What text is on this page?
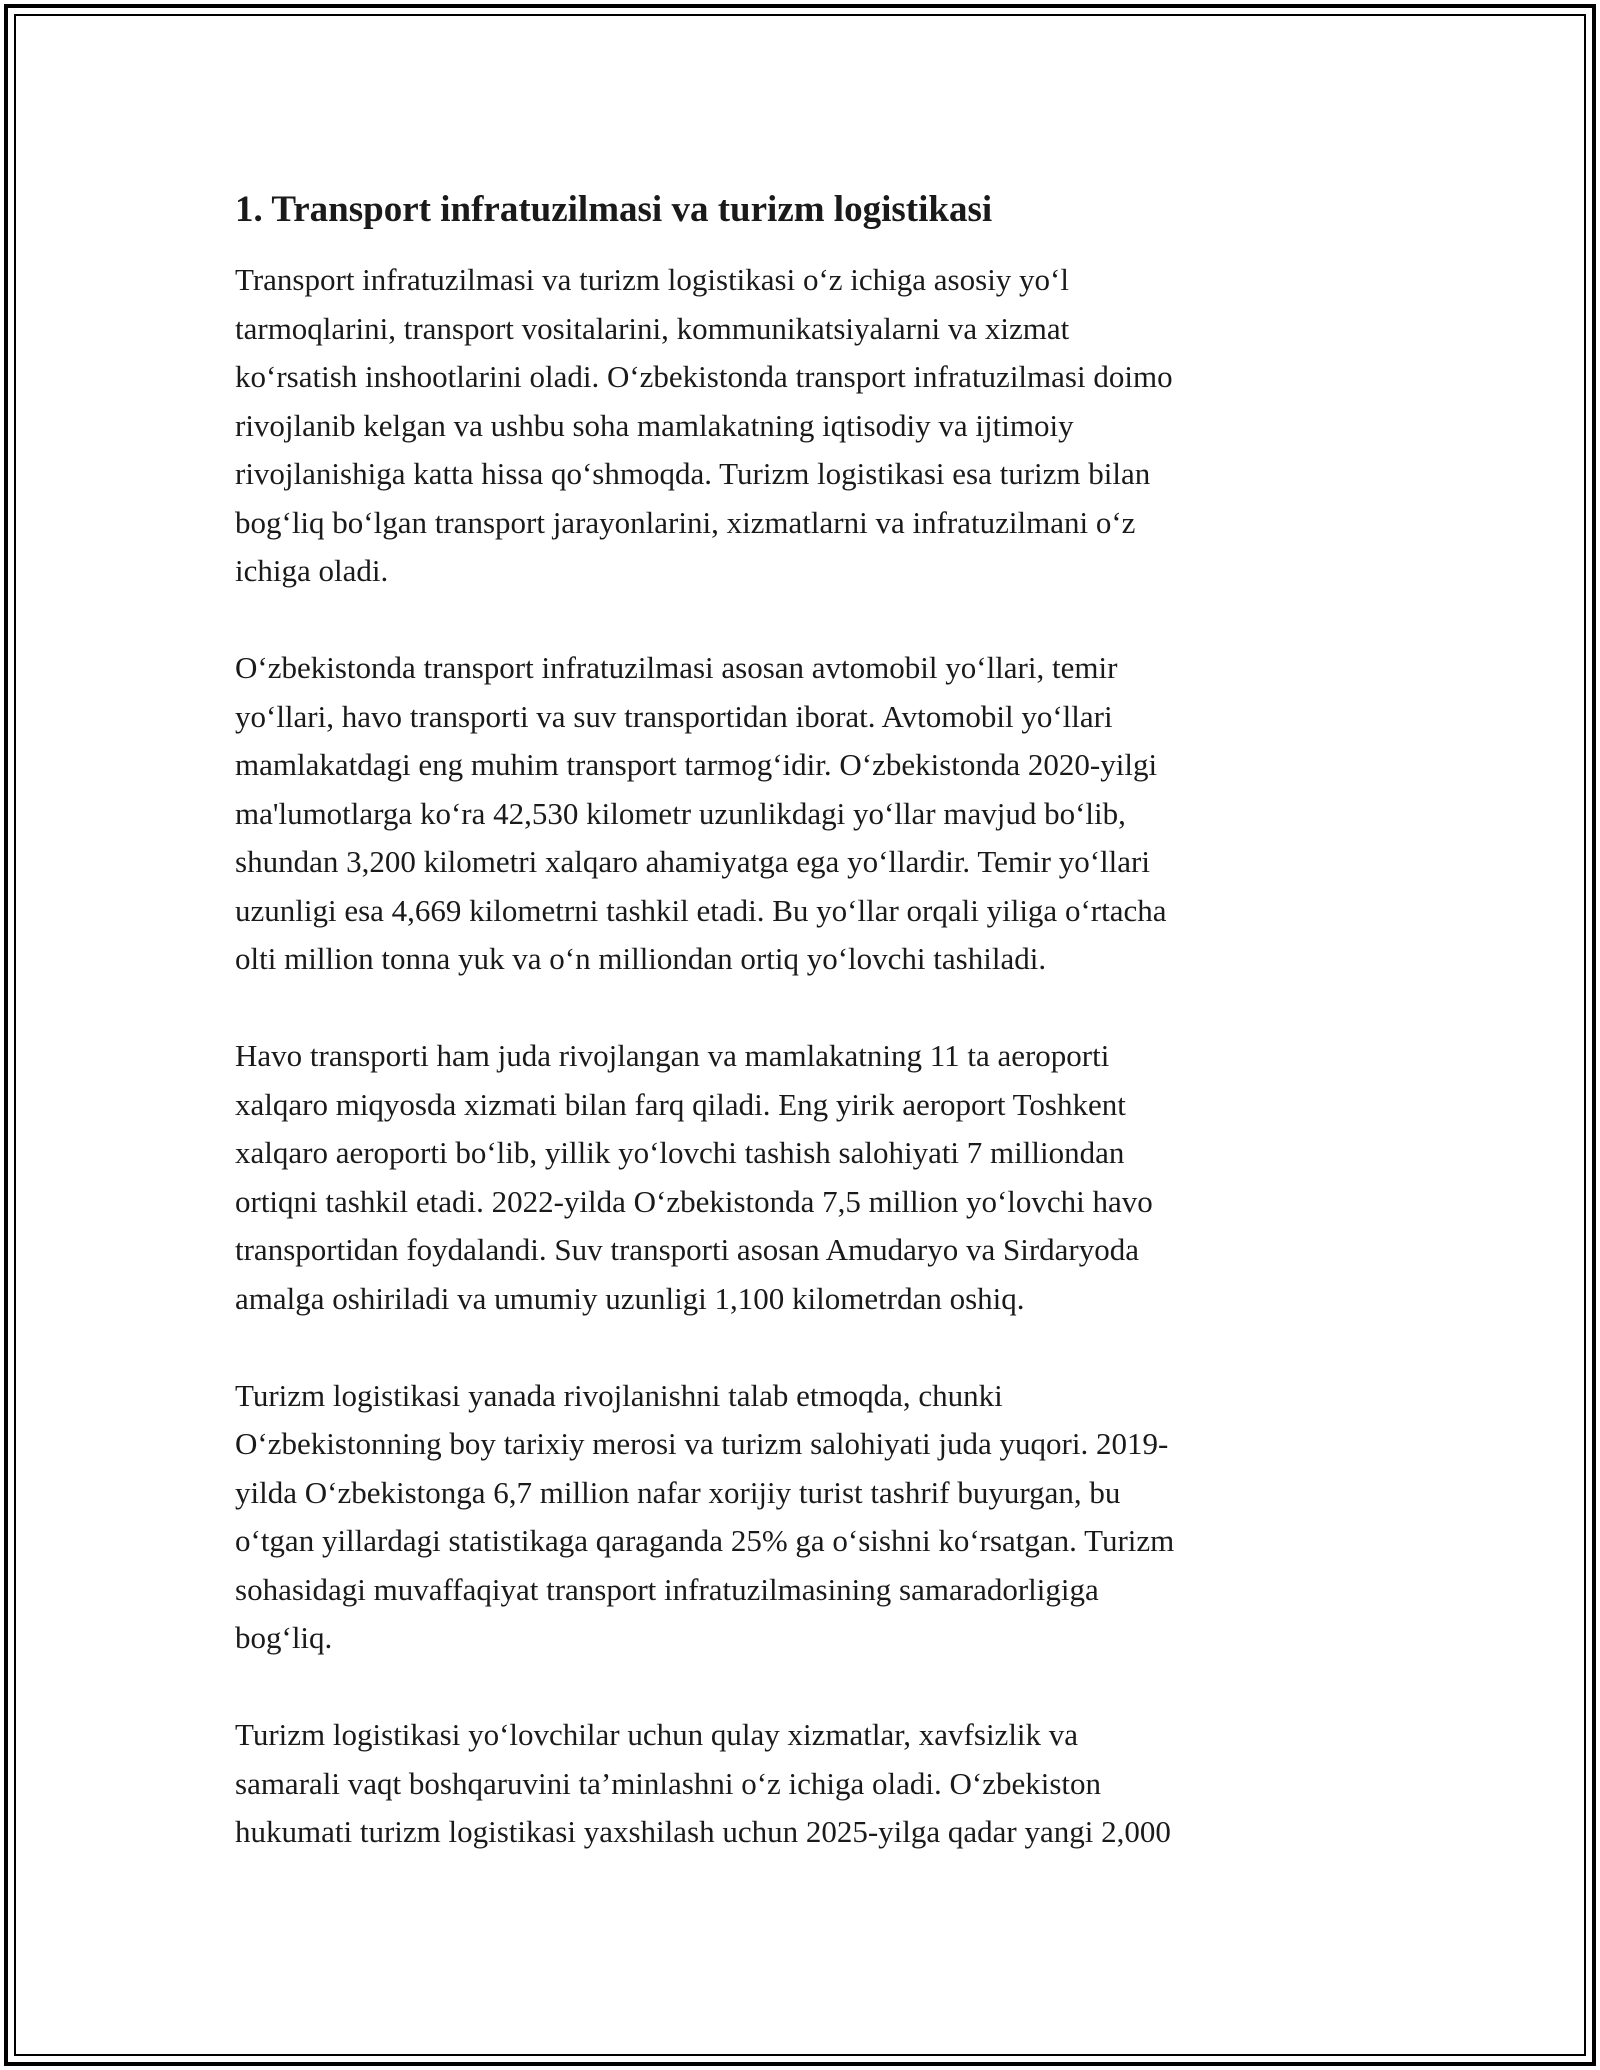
1. Transport infratuzilmasi va turizm logistikasi
Transport infratuzilmasi va turizm logistikasi o‘z ichiga asosiy yo‘l
tarmoqlarini, transport vositalarini, kommunikatsiyalarni va xizmat
ko‘rsatish inshootlarini oladi. O‘zbekistonda transport infratuzilmasi doimo
rivojlanib kelgan va ushbu soha mamlakatning iqtisodiy va ijtimoiy
rivojlanishiga katta hissa qo‘shmoqda. Turizm logistikasi esa turizm bilan
bog‘liq bo‘lgan transport jarayonlarini, xizmatlarni va infratuzilmani o‘z
ichiga oladi.
O‘zbekistonda transport infratuzilmasi asosan avtomobil yo‘llari, temir
yo‘llari, havo transporti va suv transportidan iborat. Avtomobil yo‘llari
mamlakatdagi eng muhim transport tarmog‘idir. O‘zbekistonda 2020-yilgi
ma'lumotlarga ko‘ra 42,530 kilometr uzunlikdagi yo‘llar mavjud bo‘lib,
shundan 3,200 kilometri xalqaro ahamiyatga ega yo‘llardir. Temir yo‘llari
uzunligi esa 4,669 kilometrni tashkil etadi. Bu yo‘llar orqali yiliga o‘rtacha
olti million tonna yuk va o‘n milliondan ortiq yo‘lovchi tashiladi.
Havo transporti ham juda rivojlangan va mamlakatning 11 ta aeroporti
xalqaro miqyosda xizmati bilan farq qiladi. Eng yirik aeroport Toshkent
xalqaro aeroporti bo‘lib, yillik yo‘lovchi tashish salohiyati 7 milliondan
ortiqni tashkil etadi. 2022-yilda O‘zbekistonda 7,5 million yo‘lovchi havo
transportidan foydalandi. Suv transporti asosan Amudaryo va Sirdaryoda
amalga oshiriladi va umumiy uzunligi 1,100 kilometrdan oshiq.
Turizm logistikasi yanada rivojlanishni talab etmoqda, chunki
O‘zbekistonning boy tarixiy merosi va turizm salohiyati juda yuqori. 2019-
yilda O‘zbekistonga 6,7 million nafar xorijiy turist tashrif buyurgan, bu
o‘tgan yillardagi statistikaga qaraganda 25% ga o‘sishni ko‘rsatgan. Turizm
sohasidagi muvaffaqiyat transport infratuzilmasining samaradorligiga
bog‘liq.
Turizm logistikasi yo‘lovchilar uchun qulay xizmatlar, xavfsizlik va
samarali vaqt boshqaruvini ta’minlashni o‘z ichiga oladi. O‘zbekiston
hukumati turizm logistikasi yaxshilash uchun 2025-yilga qadar yangi 2,000
